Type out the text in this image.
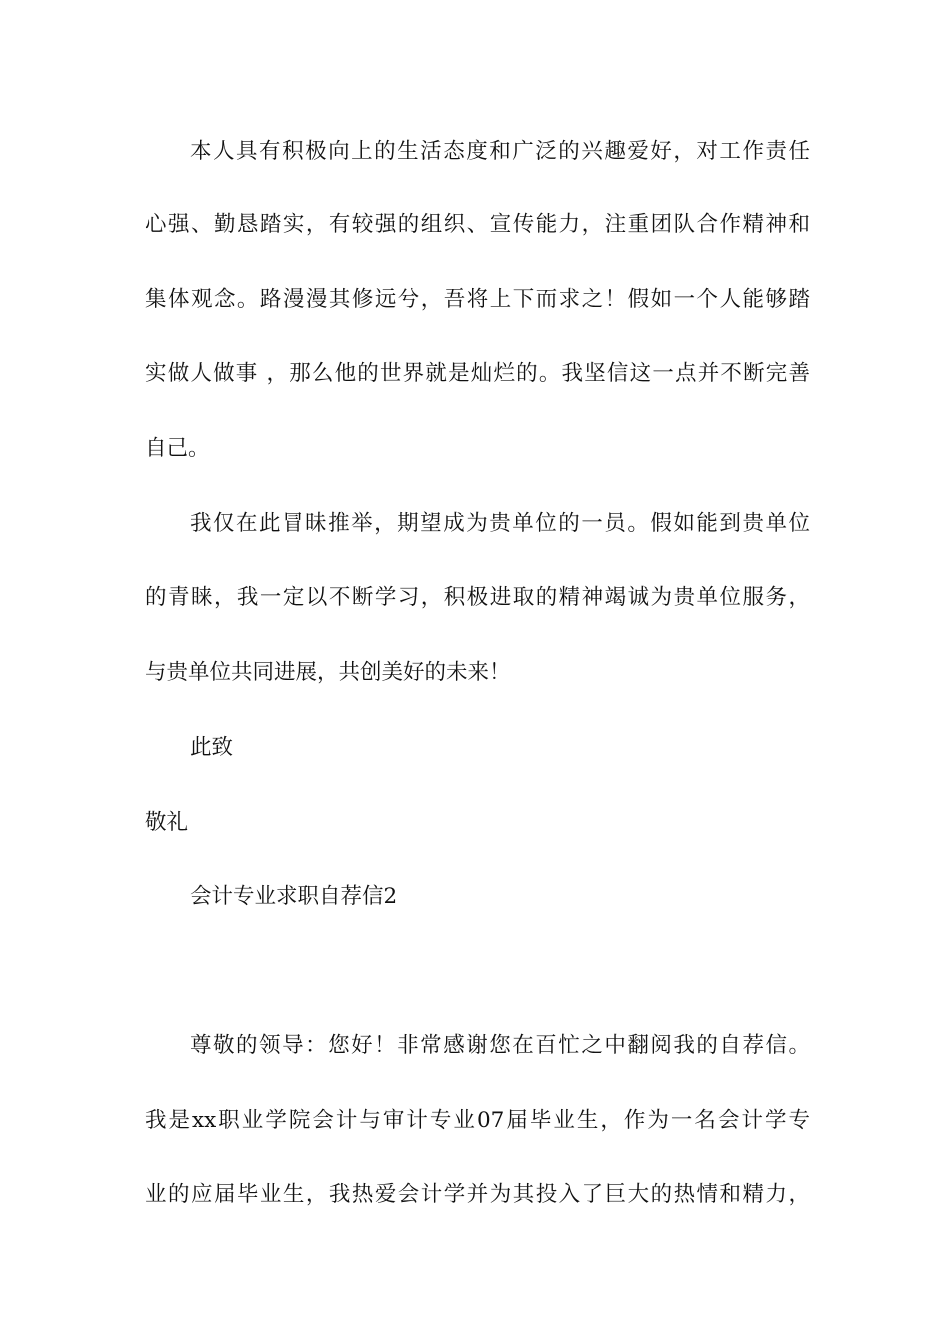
本人具有积极向上的生活态度和广泛的兴趣爱好，对工作责任
心强、勤恳踏实，有较强的组织、宣传能力，注重团队合作精神和
集体观念。路漫漫其修远兮，吾将上下而求之！假如一个人能够踏
实做人做事 ，那么他的世界就是灿烂的。我坚信这一点并不断完善
自己。
我仅在此冒昧推举，期望成为贵单位的一员。假如能到贵单位
的青睐，我一定以不断学习，积极进取的精神竭诚为贵单位服务，
与贵单位共同进展，共创美好的未来！
此致
敬礼
会计专业求职自荐信2
尊敬的领导：您好！非常感谢您在百忙之中翻阅我的自荐信。
我是xx职业学院会计与审计专业07届毕业生，作为一名会计学专
业的应届毕业生，我热爱会计学并为其投入了巨大的热情和精力，
